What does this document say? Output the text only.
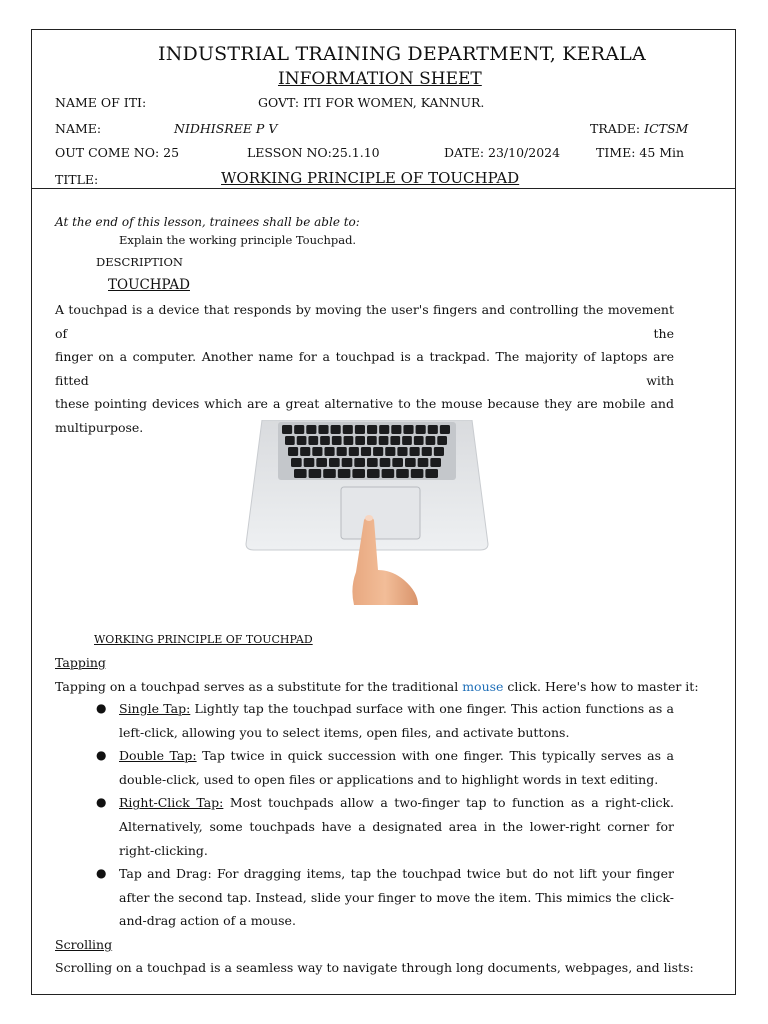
INDUSTRIAL TRAINING DEPARTMENT, KERALA
INFORMATION SHEET
NAME OF ITI:	GOVT: ITI FOR WOMEN, KANNUR.
NAME:	NIDHISREE P V	TRADE: ICTSM
OUT COME NO: 25	LESSON NO:25.1.10	DATE: 23/10/2024	TIME: 45 Min
TITLE:	WORKING PRINCIPLE OF TOUCHPAD
At the end of this lesson, trainees shall be able to:
Explain the working principle Touchpad.
DESCRIPTION
TOUCHPAD
A touchpad is a device that responds by moving the user's fingers and controlling the movement of the
finger on a computer. Another name for a touchpad is a trackpad. The majority of laptops are fitted with
these pointing devices which are a great alternative to the mouse because they are mobile and
multipurpose.
WORKING PRINCIPLE OF TOUCHPAD
Tapping
Tapping on a touchpad serves as a substitute for the traditional mouse click. Here's how to master it:
● Single Tap: Lightly tap the touchpad surface with one finger. This action functions as a left-click, allowing you to select items, open files, and activate buttons.
● Double Tap: Tap twice in quick succession with one finger. This typically serves as a double-click, used to open files or applications and to highlight words in text editing.
● Right-Click Tap: Most touchpads allow a two-finger tap to function as a right-click. Alternatively, some touchpads have a designated area in the lower-right corner for right-clicking.
● Tap and Drag: For dragging items, tap the touchpad twice but do not lift your finger after the second tap. Instead, slide your finger to move the item. This mimics the click-and-drag action of a mouse.
Scrolling
Scrolling on a touchpad is a seamless way to navigate through long documents, webpages, and lists:
